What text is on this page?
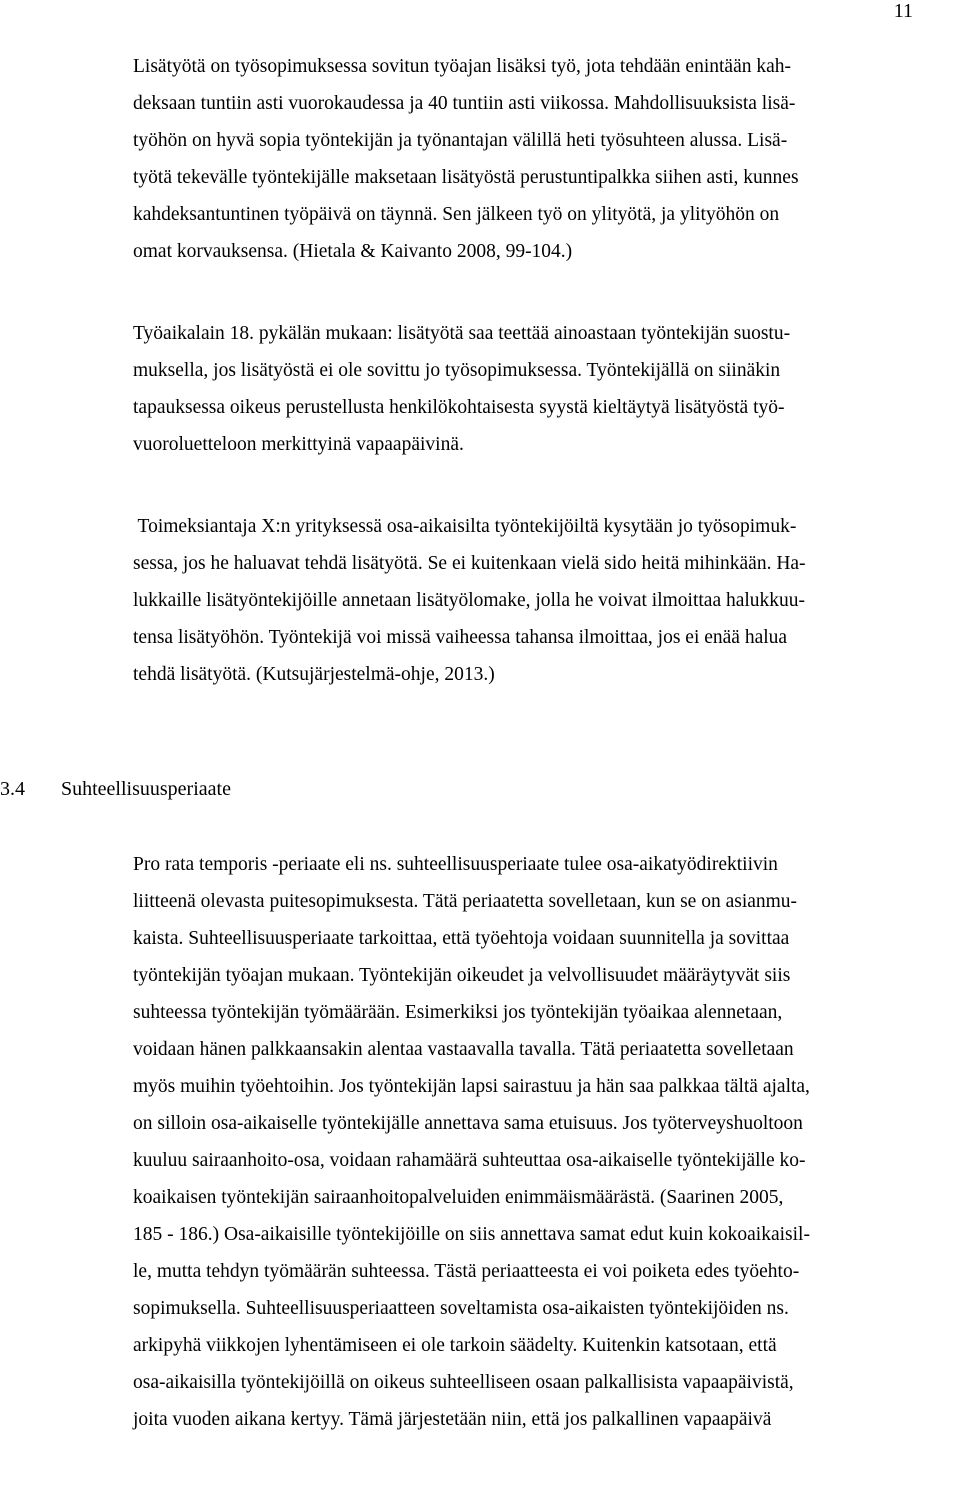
11
Lisätyötä on työsopimuksessa sovitun työajan lisäksi työ, jota tehdään enintään kah-
deksaan tuntiin asti vuorokaudessa ja 40 tuntiin asti viikossa. Mahdollisuuksista lisä-
työhön on hyvä sopia työntekijän ja työnantajan välillä heti työsuhteen alussa. Lisä-
työtä tekevälle työntekijälle maksetaan lisätyöstä perustuntipalkka siihen asti, kunnes
kahdeksantuntinen työpäivä on täynnä. Sen jälkeen työ on ylityötä, ja ylityöhön on
omat korvauksensa. (Hietala & Kaivanto 2008, 99-104.)
Työaikalain 18. pykälän mukaan: lisätyötä saa teettää ainoastaan työntekijän suostu-
muksella, jos lisätyöstä ei ole sovittu jo työsopimuksessa. Työntekijällä on siinäkin
tapauksessa oikeus perustellusta henkilökohtaisesta syystä kieltäytyä lisätyöstä työ-
vuoroluetteloon merkittyinä vapaapäivinä.
Toimeksiantaja X:n yrityksessä osa-aikaisilta työntekijöiltä kysytään jo työsopimuk-
sessa, jos he haluavat tehdä lisätyötä. Se ei kuitenkaan vielä sido heitä mihinkään. Ha-
lukkaille lisätyöntekijöille annetaan lisätyölomake, jolla he voivat ilmoittaa halukkuu-
tensa lisätyöhön. Työntekijä voi missä vaiheessa tahansa ilmoittaa, jos ei enää halua
tehdä lisätyötä. (Kutsujärjestelmä-ohje, 2013.)
3.4 Suhteellisuusperiaate
Pro rata temporis -periaate eli ns. suhteellisuusperiaate tulee osa-aikatyödirektiivin
liitteenä olevasta puitesopimuksesta. Tätä periaatetta sovelletaan, kun se on asianmu-
kaista. Suhteellisuusperiaate tarkoittaa, että työehtoja voidaan suunnitella ja sovittaa
työntekijän työajan mukaan. Työntekijän oikeudet ja velvollisuudet määräytyvät siis
suhteessa työntekijän työmäärään. Esimerkiksi jos työntekijän työaikaa alennetaan,
voidaan hänen palkkaansakin alentaa vastaavalla tavalla. Tätä periaatetta sovelletaan
myös muihin työehtoihin. Jos työntekijän lapsi sairastuu ja hän saa palkkaa tältä ajalta,
on silloin osa-aikaiselle työntekijälle annettava sama etuisuus. Jos työterveyshuoltoon
kuuluu sairaanhoito-osa, voidaan rahamäärä suhteuttaa osa-aikaiselle työntekijälle ko-
koaikaisen työntekijän sairaanhoitopalveluiden enimmäismäärästä. (Saarinen 2005,
185 - 186.) Osa-aikaisille työntekijöille on siis annettava samat edut kuin kokoaikaisil-
le, mutta tehdyn työmäärän suhteessa. Tästä periaatteesta ei voi poiketa edes työehto-
sopimuksella. Suhteellisuusperiaatteen soveltamista osa-aikaisten työntekijöiden ns.
arkipyhä viikkojen lyhentämiseen ei ole tarkoin säädelty. Kuitenkin katsotaan, että
osa-aikaisilla työntekijöillä on oikeus suhteelliseen osaan palkallisista vapaapäivistä,
joita vuoden aikana kertyy. Tämä järjestetään niin, että jos palkallinen vapaapäivä
